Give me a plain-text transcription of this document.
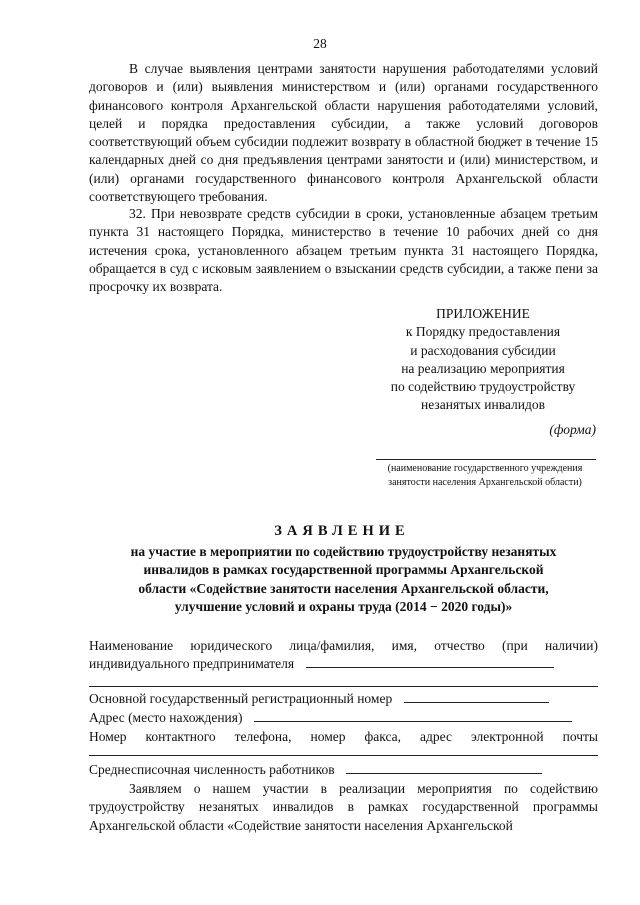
28

В случае выявления центрами занятости нарушения работодателями условий договоров и (или) выявления министерством и (или) органами государственного финансового контроля Архангельской области нарушения работодателями условий, целей и порядка предоставления субсидии, а также условий договоров соответствующий объем субсидии подлежит возврату в областной бюджет в течение 15 календарных дней со дня предъявления центрами занятости и (или) министерством, и (или) органами государственного финансового контроля Архангельской области соответствующего требования.

32. При невозврате средств субсидии в сроки, установленные абзацем третьим пункта 31 настоящего Порядка, министерство в течение 10 рабочих дней со дня истечения срока, установленного абзацем третьим пункта 31 настоящего Порядка, обращается в суд с исковым заявлением о взыскании средств субсидии, а также пени за просрочку их возврата.

ПРИЛОЖЕНИЕ
к Порядку предоставления
и расходования субсидии
на реализацию мероприятия
по содействию трудоустройству
незанятых инвалидов
(форма)
(наименование государственного учреждения
занятости населения Архангельской области)
ЗАЯВЛЕНИЕ
на участие в мероприятии по содействию трудоустройству незанятых
инвалидов в рамках государственной программы Архангельской
области «Содействие занятости населения Архангельской области,
улучшение условий и охраны труда (2014 − 2020 годы)»
Наименование юридического лица/фамилия, имя, отчество (при наличии)
индивидуального предпринимателя
Основной государственный регистрационный номер
Адрес (место нахождения)
Номер контактного телефона, номер факса, адрес электронной почты
Среднесписочная численность работников

Заявляем о нашем участии в реализации мероприятия по содействию трудоустройству незанятых инвалидов в рамках государственной программы Архангельской области «Содействие занятости населения Архангельской
